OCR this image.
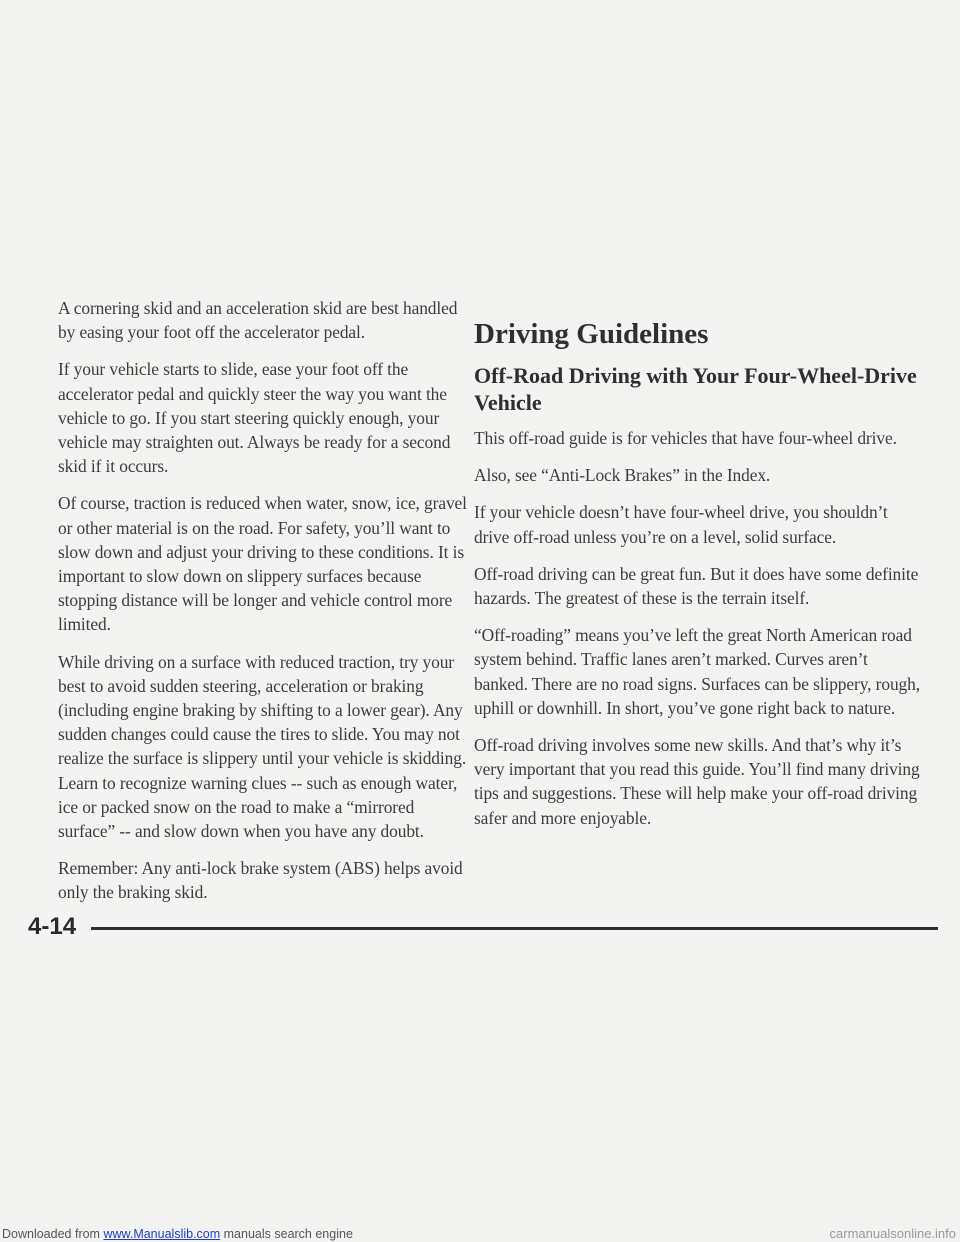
A cornering skid and an acceleration skid are best handled by easing your foot off the accelerator pedal.

If your vehicle starts to slide, ease your foot off the accelerator pedal and quickly steer the way you want the vehicle to go. If you start steering quickly enough, your vehicle may straighten out. Always be ready for a second skid if it occurs.

Of course, traction is reduced when water, snow, ice, gravel or other material is on the road. For safety, you’ll want to slow down and adjust your driving to these conditions. It is important to slow down on slippery surfaces because stopping distance will be longer and vehicle control more limited.

While driving on a surface with reduced traction, try your best to avoid sudden steering, acceleration or braking (including engine braking by shifting to a lower gear). Any sudden changes could cause the tires to slide. You may not realize the surface is slippery until your vehicle is skidding. Learn to recognize warning clues -- such as enough water, ice or packed snow on the road to make a “mirrored surface” -- and slow down when you have any doubt.

Remember: Any anti-lock brake system (ABS) helps avoid only the braking skid.

Driving Guidelines
Off-Road Driving with Your Four-Wheel-Drive Vehicle

This off-road guide is for vehicles that have four-wheel drive.

Also, see “Anti-Lock Brakes” in the Index.

If your vehicle doesn’t have four-wheel drive, you shouldn’t drive off-road unless you’re on a level, solid surface.

Off-road driving can be great fun. But it does have some definite hazards. The greatest of these is the terrain itself.

“Off-roading” means you’ve left the great North American road system behind. Traffic lanes aren’t marked. Curves aren’t banked. There are no road signs. Surfaces can be slippery, rough, uphill or downhill. In short, you’ve gone right back to nature.

Off-road driving involves some new skills. And that’s why it’s very important that you read this guide. You’ll find many driving tips and suggestions. These will help make your off-road driving safer and more enjoyable.

4-14
Downloaded from www.Manualslib.com manuals search engine	carmanualsonline.info
